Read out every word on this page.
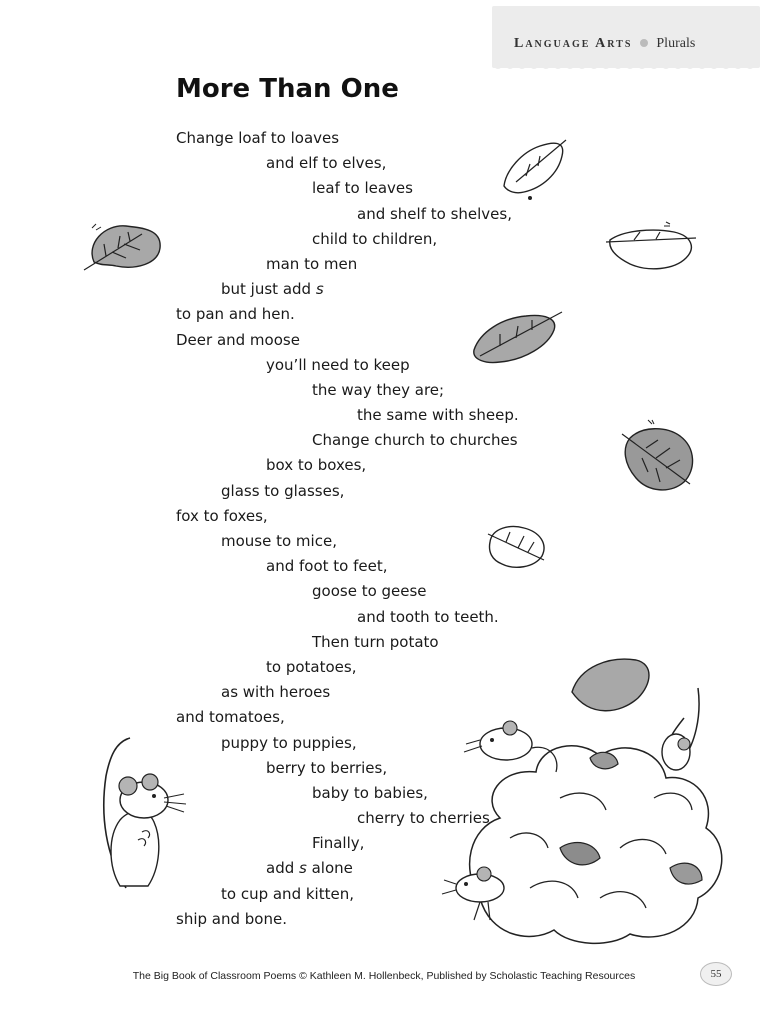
Language Arts Plurals
More Than One
Change loaf to loaves
and elf to elves,
leaf to leaves
and shelf to shelves,
child to children,
man to men
but just add s
to pan and hen.
Deer and moose
you’ll need to keep
the way they are;
the same with sheep.
Change church to churches
box to boxes,
glass to glasses,
fox to foxes,
mouse to mice,
and foot to feet,
goose to geese
and tooth to teeth.
Then turn potato
to potatoes,
as with heroes
and tomatoes,
puppy to puppies,
berry to berries,
baby to babies,
cherry to cherries.
Finally,
add s alone
to cup and kitten,
ship and bone.
The Big Book of Classroom Poems © Kathleen M. Hollenbeck, Published by Scholastic Teaching Resources	55
